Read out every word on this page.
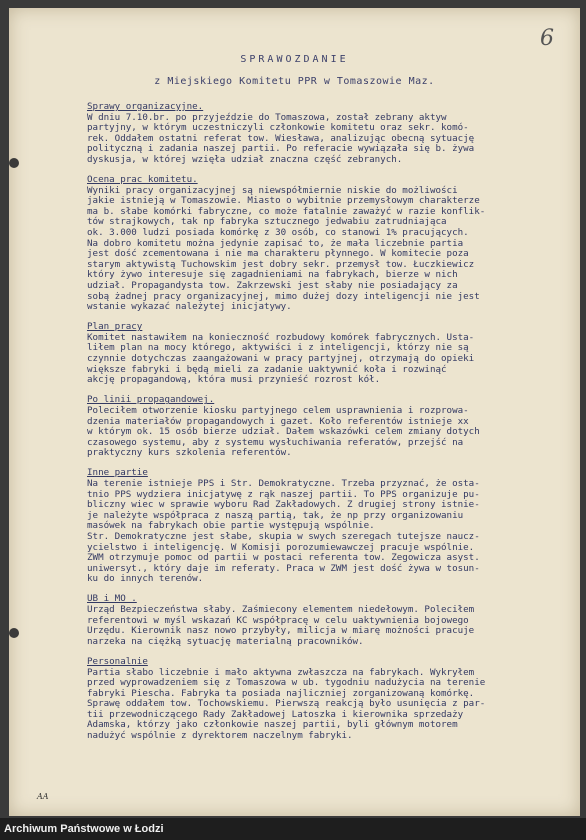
6
SPRAWOZDANIE
z Miejskiego Komitetu PPR w Tomaszowie Maz.
Sprawy organizacyjne.
W dniu 7.10.br. po przyjeździe do Tomaszowa, został zebrany aktyw
partyjny, w którym uczestniczyli członkowie komitetu oraz sekr. komó-
rek. Oddałem ostatni referat tow. Wiesława, analizując obecną sytuację
polityczną i zadania naszej partii. Po referacie wywiązała się b. żywa
dyskusja, w której wzięła udział znaczna część zebranych.
Ocena prac komitetu.
Wyniki pracy organizacyjnej są niewspółmiernie niskie do możliwości
jakie istnieją w Tomaszowie. Miasto o wybitnie przemysłowym charakterze
ma b. słabe komórki fabryczne, co może fatalnie zaważyć w razie konflik-
tów strajkowych, tak np fabryka sztucznego jedwabiu zatrudniająca
ok. 3.000 ludzi posiada komórkę z 30 osób, co stanowi 1% pracujących.
Na dobro komitetu można jedynie zapisać to, że mała liczebnie partia
jest dość zcementowana i nie ma charakteru płynnego. W komitecie poza
starym aktywistą Tuchowskim jest dobry sekr. przemysł tow. Łuczkiewicz
który żywo interesuje się zagadnieniami na fabrykach, bierze w nich
udział. Propagandysta tow. Zakrzewski jest słaby nie posiadający za
sobą żadnej pracy organizacyjnej, mimo dużej dozy inteligencji nie jest
wstanie wykazać należytej inicjatywy.
Plan pracy
Komitet nastawiłem na konieczność rozbudowy komórek fabrycznych. Usta-
liłem plan na mocy którego, aktywiści i z inteligencji, którzy nie są
czynnie dotychczas zaangażowani w pracy partyjnej, otrzymają do opieki
większe fabryki i będą mieli za zadanie uaktywnić koła i rozwinąć
akcję propagandową, która musi przynieść rozrost kół.
Po linii propagandowej.
Poleciłem otworzenie kiosku partyjnego celem usprawnienia i rozprowa-
dzenia materiałów propagandowych i gazet. Koło referentów istnieje xx
w którym ok. 15 osób bierze udział. Dałem wskazówki celem zmiany dotych
czasowego systemu, aby z systemu wysłuchiwania referatów, przejść na
praktyczny kurs szkolenia referentów.
Inne partie
Na terenie istnieje PPS i Str. Demokratyczne. Trzeba przyznać, że osta-
tnio PPS wydziera inicjatywę z rąk naszej partii. To PPS organizuje pu-
bliczny wiec w sprawie wyboru Rad Zakładowych. Z drugiej strony istnie-
je należyte współpraca z naszą partią, tak, że np przy organizowaniu
masówek na fabrykach obie partie występują wspólnie.
Str. Demokratyczne jest słabe, skupia w swych szeregach tutejsze naucz-
ycielstwo i inteligencję. W Komisji porozumiewawczej pracuje wspólnie.
ZWM otrzymuje pomoc od partii w postaci referenta tow. Zegowicza asyst.
uniwersyt., który daje im referaty. Praca w ZWM jest dość żywa w tosun-
ku do innych terenów.
UB i MO .
Urząd Bezpieczeństwa słaby. Zaśmiecony elementem niedełowym. Poleciłem
referentowi w myśl wskazań KC współpracę w celu uaktywnienia bojowego
Urzędu. Kierownik nasz nowo przybyły, milicja w miarę możności pracuje
narzeka na ciężką sytuację materialną pracowników.
Personalnie
Partia słabo liczebnie i mało aktywna zwłaszcza na fabrykach. Wykryłem
przed wyprowadzeniem się z Tomaszowa w ub. tygodniu nadużycia na terenie
fabryki Piescha. Fabryka ta posiada najliczniej zorganizowaną komórkę.
Sprawę oddałem tow. Tochowskiemu. Pierwszą reakcją było usunięcia z par-
tii przewodniczącego Rady Zakładowej Latoszka i kierownika sprzedaży
Adamska, którzy jako członkowie naszej partii, byli głównym motorem
nadużyć wspólnie z dyrektorem naczelnym fabryki.
AA
Archiwum Państwowe w Łodzi
